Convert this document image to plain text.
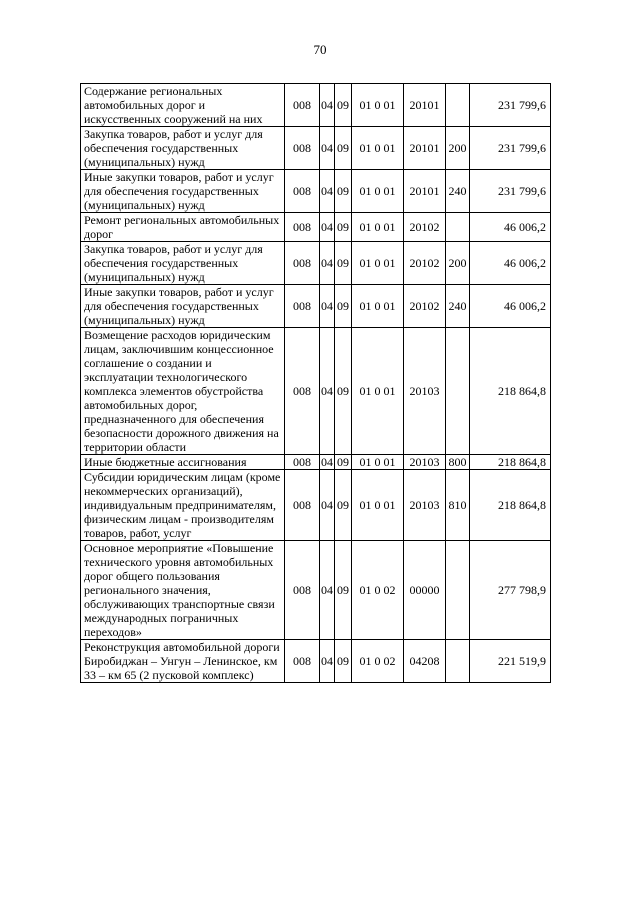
70
Содержание региональных автомобильных дорог и искусственных сооружений на них	008	04	09	01 0 01	20101		231 799,6
Закупка товаров, работ и услуг для обеспечения государственных (муниципальных) нужд	008	04	09	01 0 01	20101	200	231 799,6
Иные закупки товаров, работ и услуг для обеспечения государственных (муниципальных) нужд	008	04	09	01 0 01	20101	240	231 799,6
Ремонт региональных автомобильных дорог	008	04	09	01 0 01	20102		46 006,2
Закупка товаров, работ и услуг для обеспечения государственных (муниципальных) нужд	008	04	09	01 0 01	20102	200	46 006,2
Иные закупки товаров, работ и услуг для обеспечения государственных (муниципальных) нужд	008	04	09	01 0 01	20102	240	46 006,2
Возмещение расходов юридическим лицам, заключившим концессионное соглашение о создании и эксплуатации технологического комплекса элементов обустройства автомобильных дорог, предназначенного для обеспечения безопасности дорожного движения на территории области	008	04	09	01 0 01	20103		218 864,8
Иные бюджетные ассигнования	008	04	09	01 0 01	20103	800	218 864,8
Субсидии юридическим лицам (кроме некоммерческих организаций), индивидуальным предпринимателям, физическим лицам - производителям товаров, работ, услуг	008	04	09	01 0 01	20103	810	218 864,8
Основное мероприятие «Повышение технического уровня автомобильных дорог общего пользования регионального значения, обслуживающих транспортные связи международных пограничных переходов»	008	04	09	01 0 02	00000		277 798,9
Реконструкция автомобильной дороги Биробиджан – Унгун – Ленинское, км 33 – км 65 (2 пусковой комплекс)	008	04	09	01 0 02	04208		221 519,9
